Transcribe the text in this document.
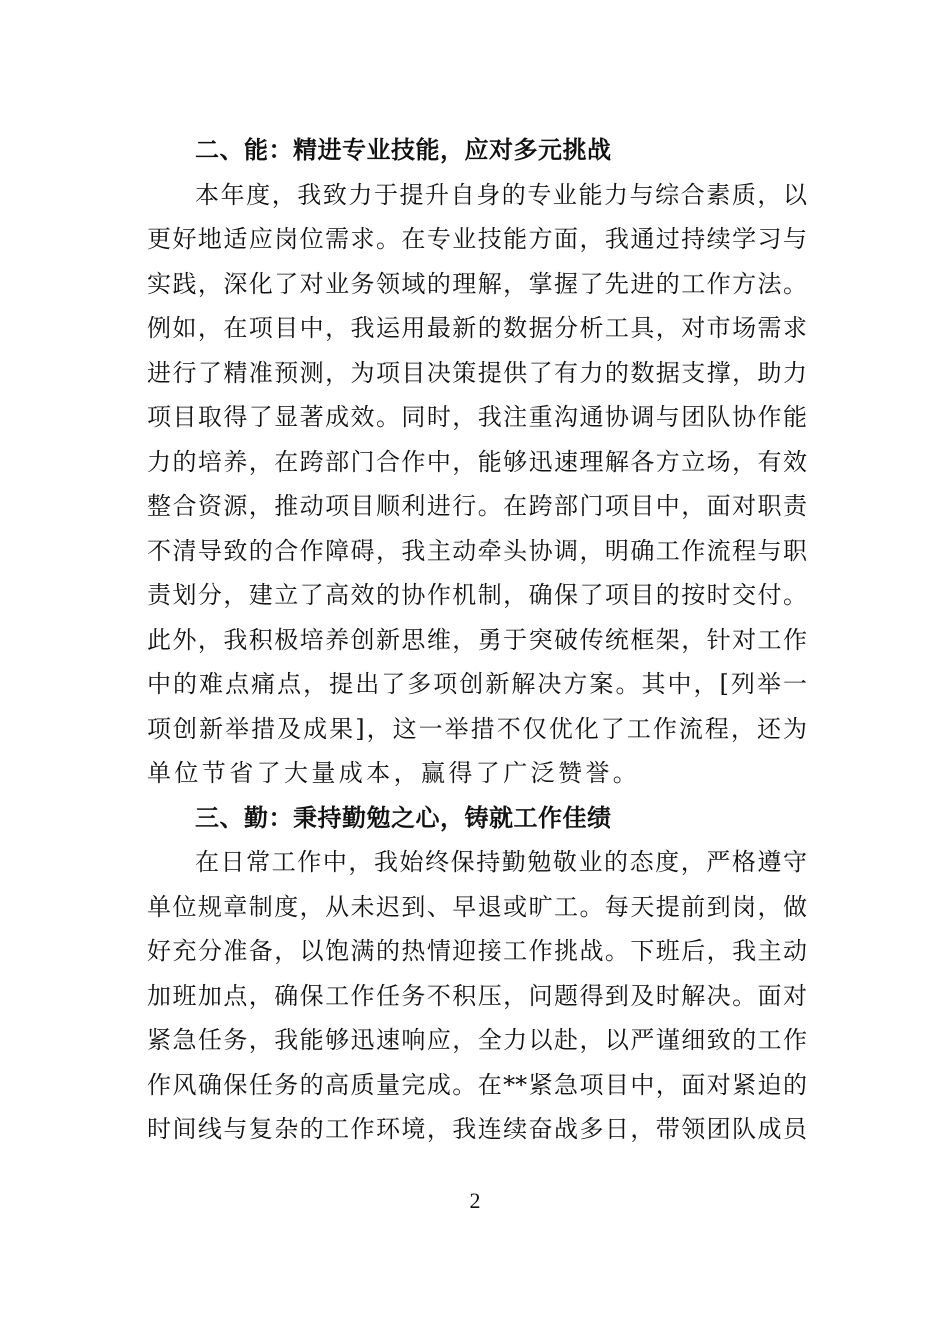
二、能：精进专业技能，应对多元挑战
本年度，我致力于提升自身的专业能力与综合素质，以
更好地适应岗位需求。在专业技能方面，我通过持续学习与
实践，深化了对业务领域的理解，掌握了先进的工作方法。
例如，在项目中，我运用最新的数据分析工具，对市场需求
进行了精准预测，为项目决策提供了有力的数据支撑，助力
项目取得了显著成效。同时，我注重沟通协调与团队协作能
力的培养，在跨部门合作中，能够迅速理解各方立场，有效
整合资源，推动项目顺利进行。在跨部门项目中，面对职责
不清导致的合作障碍，我主动牵头协调，明确工作流程与职
责划分，建立了高效的协作机制，确保了项目的按时交付。
此外，我积极培养创新思维，勇于突破传统框架，针对工作
中的难点痛点，提出了多项创新解决方案。其中，[列举一
项创新举措及成果]，这一举措不仅优化了工作流程，还为
单位节省了大量成本，赢得了广泛赞誉。
三、勤：秉持勤勉之心，铸就工作佳绩
在日常工作中，我始终保持勤勉敬业的态度，严格遵守
单位规章制度，从未迟到、早退或旷工。每天提前到岗，做
好充分准备，以饱满的热情迎接工作挑战。下班后，我主动
加班加点，确保工作任务不积压，问题得到及时解决。面对
紧急任务，我能够迅速响应，全力以赴，以严谨细致的工作
作风确保任务的高质量完成。在**紧急项目中，面对紧迫的
时间线与复杂的工作环境，我连续奋战多日，带领团队成员
2
